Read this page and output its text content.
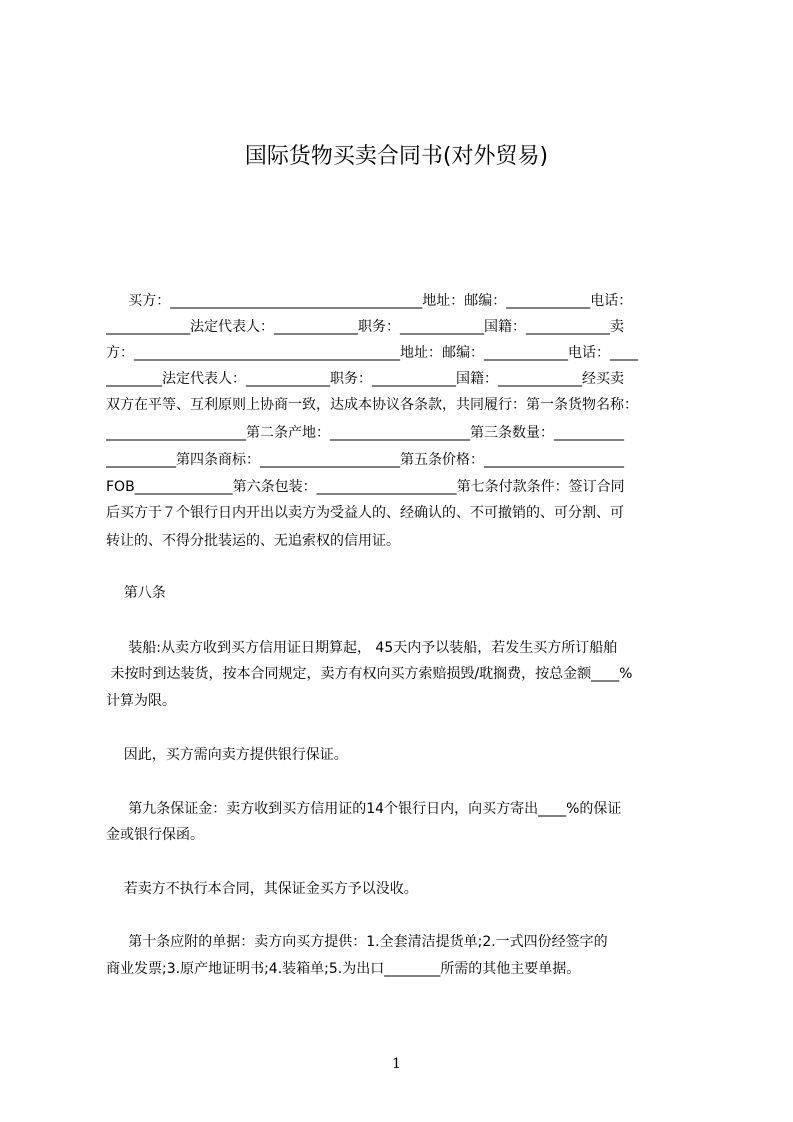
国际货物买卖合同书(对外贸易)

买方：____________________________________地址：邮编：____________电话：

____________法定代表人：____________职务：____________国籍：____________卖

方：______________________________________地址：邮编：____________电话：____

________法定代表人：____________职务：____________国籍：____________经买卖

双方在平等、互利原则上协商一致，达成本协议各条款，共同履行：第一条货物名称：

____________________第二条产地：____________________第三条数量：__________

__________第四条商标：____________________第五条价格：____________________

FOB______________第六条包装：____________________第七条付款条件：签订合同

后买方于７个银行日内开出以卖方为受益人的、经确认的、不可撤销的、可分割、可

转让的、不得分批装运的、无追索权的信用证。

第八条

装船:从卖方收到买方信用证日期算起， 45天内予以装船，若发生买方所订船舶

未按时到达装货，按本合同规定，卖方有权向买方索赔损毁/耽搁费，按总金额____%

计算为限。

因此，买方需向卖方提供银行保证。

第九条保证金：卖方收到买方信用证的14个银行日内，向买方寄出____%的保证

金或银行保函。

若卖方不执行本合同，其保证金买方予以没收。

第十条应附的单据：卖方向买方提供：1.全套清洁提货单;2.一式四份经签字的

商业发票;3.原产地证明书;4.装箱单;5.为出口________所需的其他主要单据。

1
